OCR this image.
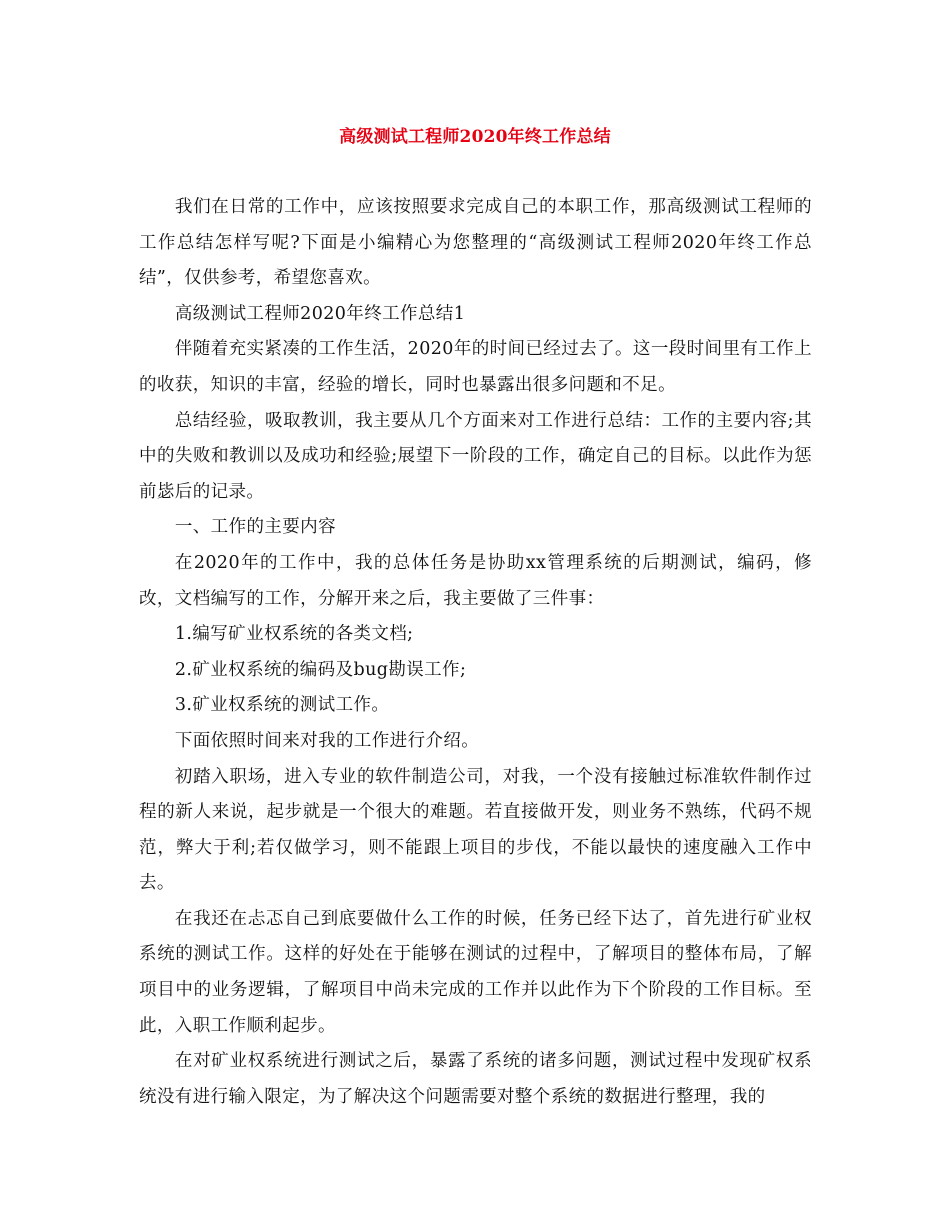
高级测试工程师2020年终工作总结

我们在日常的工作中，应该按照要求完成自己的本职工作，那高级测试工程师的工作总结怎样写呢?下面是小编精心为您整理的“高级测试工程师2020年终工作总结”，仅供参考，希望您喜欢。

高级测试工程师2020年终工作总结1

伴随着充实紧凑的工作生活，2020年的时间已经过去了。这一段时间里有工作上的收获，知识的丰富，经验的增长，同时也暴露出很多问题和不足。

总结经验，吸取教训，我主要从几个方面来对工作进行总结：工作的主要内容;其中的失败和教训以及成功和经验;展望下一阶段的工作，确定自己的目标。以此作为惩前毖后的记录。

一、工作的主要内容

在2020年的工作中，我的总体任务是协助xx管理系统的后期测试，编码，修改，文档编写的工作，分解开来之后，我主要做了三件事：

1.编写矿业权系统的各类文档;

2.矿业权系统的编码及bug勘误工作;

3.矿业权系统的测试工作。

下面依照时间来对我的工作进行介绍。

初踏入职场，进入专业的软件制造公司，对我，一个没有接触过标准软件制作过程的新人来说，起步就是一个很大的难题。若直接做开发，则业务不熟练，代码不规范，弊大于利;若仅做学习，则不能跟上项目的步伐，不能以最快的速度融入工作中去。

在我还在忐忑自己到底要做什么工作的时候，任务已经下达了，首先进行矿业权系统的测试工作。这样的好处在于能够在测试的过程中，了解项目的整体布局，了解项目中的业务逻辑，了解项目中尚未完成的工作并以此作为下个阶段的工作目标。至此，入职工作顺利起步。

在对矿业权系统进行测试之后，暴露了系统的诸多问题，测试过程中发现矿权系统没有进行输入限定，为了解决这个问题需要对整个系统的数据进行整理，我的
